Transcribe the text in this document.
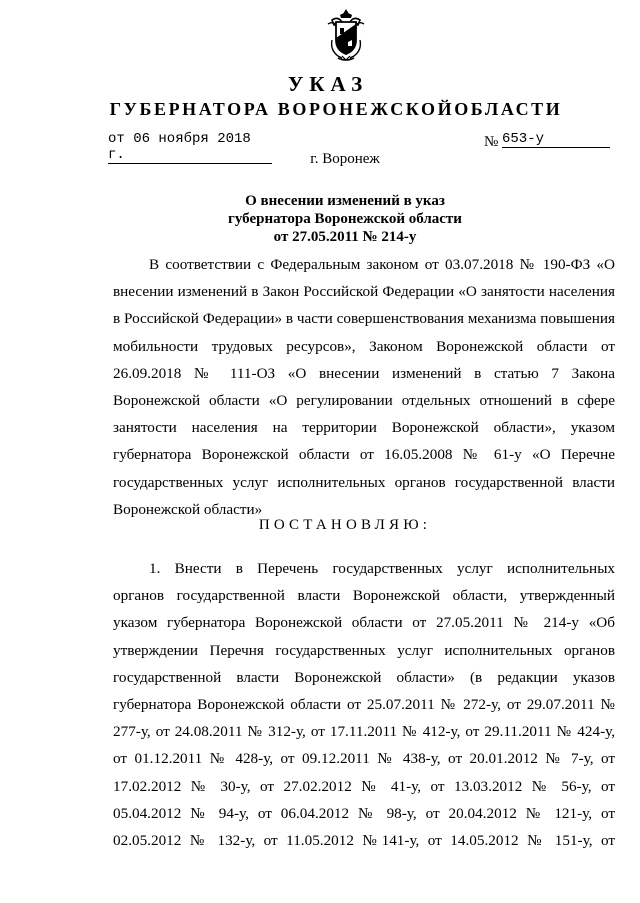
УКАЗ
ГУБЕРНАТОРА ВОРОНЕЖСКОЙОБЛАСТИ
от 06 ноября 2018 г.
№ 653-у
г. Воронеж
О внесении изменений в указ
губернатора Воронежской области
от 27.05.2011 № 214-у
В соответствии с Федеральным законом от 03.07.2018 № 190-ФЗ «О
внесении изменений в Закон Российской Федерации «О занятости населения
в Российской Федерации» в части совершенствования механизма повышения
мобильности трудовых ресурсов», Законом Воронежской области от
26.09.2018 № 111-ОЗ «О внесении изменений в статью 7 Закона
Воронежской области «О регулировании отдельных отношений в сфере
занятости населения на территории Воронежской области», указом
губернатора Воронежской области от 16.05.2008 № 61-у «О Перечне
государственных услуг исполнительных органов государственной власти
Воронежской области»
ПОСТАНОВЛЯЮ:
1. Внести в Перечень государственных услуг исполнительных
органов государственной власти Воронежской области, утвержденный
указом губернатора Воронежской области от 27.05.2011 № 214-у «Об
утверждении Перечня государственных услуг исполнительных органов
государственной власти Воронежской области» (в редакции указов
губернатора Воронежской области от 25.07.2011 № 272-у, от 29.07.2011 №
277-у, от 24.08.2011 № 312-у, от 17.11.2011 № 412-у, от 29.11.2011 № 424-у,
от 01.12.2011 № 428-у, от 09.12.2011 № 438-у, от 20.01.2012 № 7-у, от
17.02.2012 № 30-у, от 27.02.2012 № 41-у, от 13.03.2012 № 56-у, от
05.04.2012 № 94-у, от 06.04.2012 № 98-у, от 20.04.2012 № 121-у, от
02.05.2012 № 132-у, от 11.05.2012 №141-у, от 14.05.2012 № 151-у, от
